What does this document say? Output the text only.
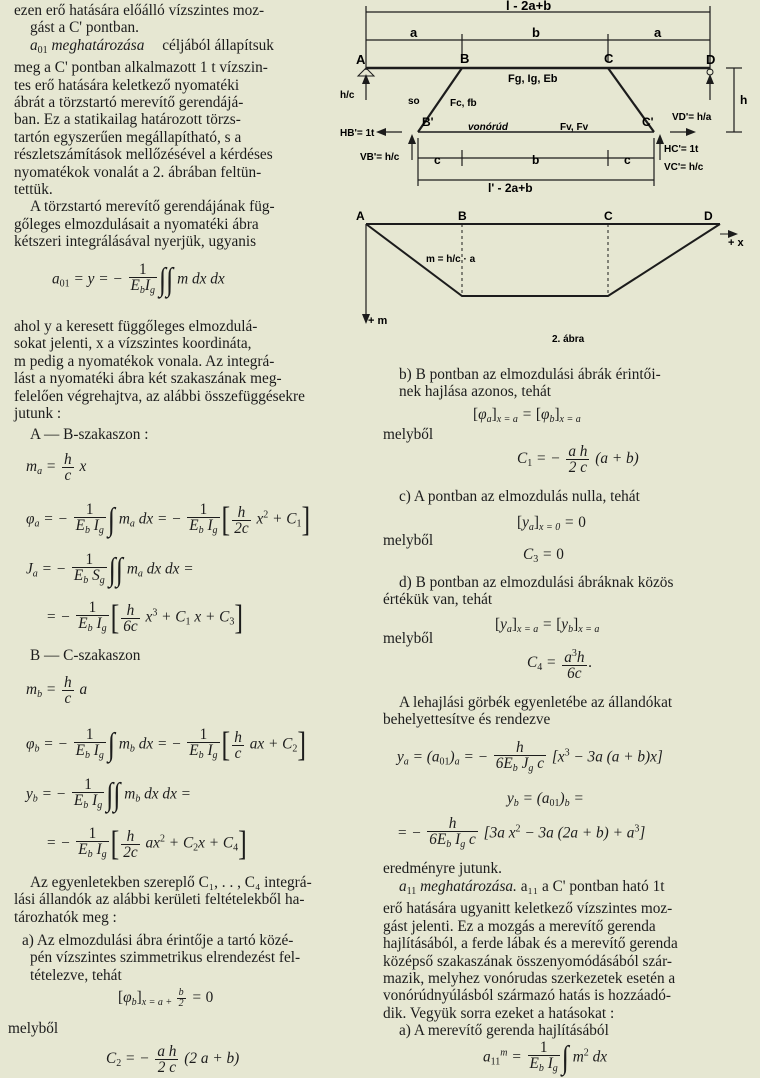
ezen erő hatására előálló vízszintes moz-
gást a C' pontban.
$a_{01}$ meghatározása céljából állapítsuk
meg a C' pontban alkalmazott 1 t vízszin-
tes erő hatására keletkező nyomatéki
ábrát a törzstartó merevítő gerendájá-
ban. Ez a statikailag határozott törzs-
tartón egyszerűen megállapítható, s a
részletszámítások mellőzésével a kérdéses
nyomatékok vonalát a 2. ábrában feltün-
tettük.
A törzstartó merevítő gerendájának füg-
gőleges elmozdulásait a nyomatéki ábra
kétszeri integrálásával nyerjük, ugyanis
$a_{01} = y$ = − $\frac{1}{E_bI_g}$ ∫∫ m dx dx
ahol y a keresett függőleges elmozdulá-
sokat jelenti, x a vízszintes koordináta,
m pedig a nyomatékok vonala. Az integrá-
lást a nyomatéki ábra két szakaszának meg-
felelően végrehajtva, az alábbi összefüggésekre
jutunk :
A — B-szakaszon :
$m_a = \frac{h}{c}$ x
$\varphi_a$ = − $\frac{1}{E_b I_g}$ ∫ $m_a$ dx = − $\frac{1}{E_b I_g}$ [ $\frac{h}{2c} x^2 + C_1$]
$J_a$ = − $\frac{1}{E_b S_g}$ ∫∫ $m_a$ dx dx =
= − $\frac{1}{E_b I_g}$ [ $\frac{h}{6c} x^3 + C_1$ $x + C_3$]
B — C-szakaszon
$m_b = \frac{h}{c}$ a
$\varphi_b$ = − $\frac{1}{E_b I_g}$ ∫ $m_b$ dx = − $\frac{1}{E_b I_g}$ [ $\frac{h}{c}$ ax + $C_2$]
$y_b$ = − $\frac{1}{E_b I_g}$ ∫∫ $m_b$ dx dx =
= − $\frac{1}{E_b I_g}$ [ $\frac{h}{2c} ax^2 + C_2x + C_4$]
Az egyenletekben szereplő C₁, . . , C₄ integrá-
lási állandók az alábbi kerületi feltételekből ha-
tározhatók meg :
a) Az elmozdulási ábra érintője a tartó közé-
pén vízszintes szimmetrikus elrendezést fel-
tételezve, tehát
$[\varphi_b]_{x = a +} \frac{b}{2} = 0$
melyből
$C_2$ = − $\frac{\text{a h}}{2 c} (2$ a + b)
l - 2a+b
a	b	a
A	B	C	D
Fg, Ig, Eb
Fc, fb
so
B'	C'
vonórúd	Fv, Fv
h
HB'= 1t
HC'= 1t
VB'= h/c
VC'= h/c
h/c
VD'= h/a
c	b	c
l' - 2a+b
A	B	C	D
m = h/c · a
+ x
+ m
2. ábra
b) B pontban az elmozdulási ábrák érintői-
nek hajlása azonos, tehát
$[\varphi_a]_{x = a} = [\varphi_b]_{x = a}$
melyből
$C_1$ = − $\frac{\text{a h}}{2 c} (a + b)$
c) A pontban az elmozdulás nulla, tehát
$[y_a]_{x = 0} = 0$
melyből
$C_3 = 0$
d) B pontban az elmozdulási ábráknak közös
értékük van, tehát
$[y_a]_{x = a} = [y_b]_{x = a}$
melyből
$C_4 = \frac{a^3h}{6c}$ .
A lehajlási görbék egyenletébe az állandókat
behelyettesítve és rendezve
$y_a = (a_{01})_a$ = − $\frac{h}{6E_b J_g c} [x^3 - 3a$ (a + b)x]
$y_b = (a_{01})_b$ =
= − $\frac{h}{6E_b I_g c} [3a$ $x^2 - 3a$ $(2a + b) + a^3$]
eredményre jutunk.
$a_{11}$ meghatározása. a₁₁ a C' pontban ható 1t
erő hatására ugyanitt keletkező vízszintes moz-
gást jelenti. Ez a mozgás a merevítő gerenda
hajlításából, a ferde lábak és a merevítő gerenda
középső szakaszának összenyomódásából szár-
mazik, melyhez vonórudas szerkezetek esetén a
vonórúdnyúlásból származó hatás is hozzáadó-
dik. Vegyük sorra ezeket a hatásokat :
a) A merevítő gerenda hajlításából
$a_{11}^m = \frac{1}{E_b I_g}$ ∫ $m^2$ dx
